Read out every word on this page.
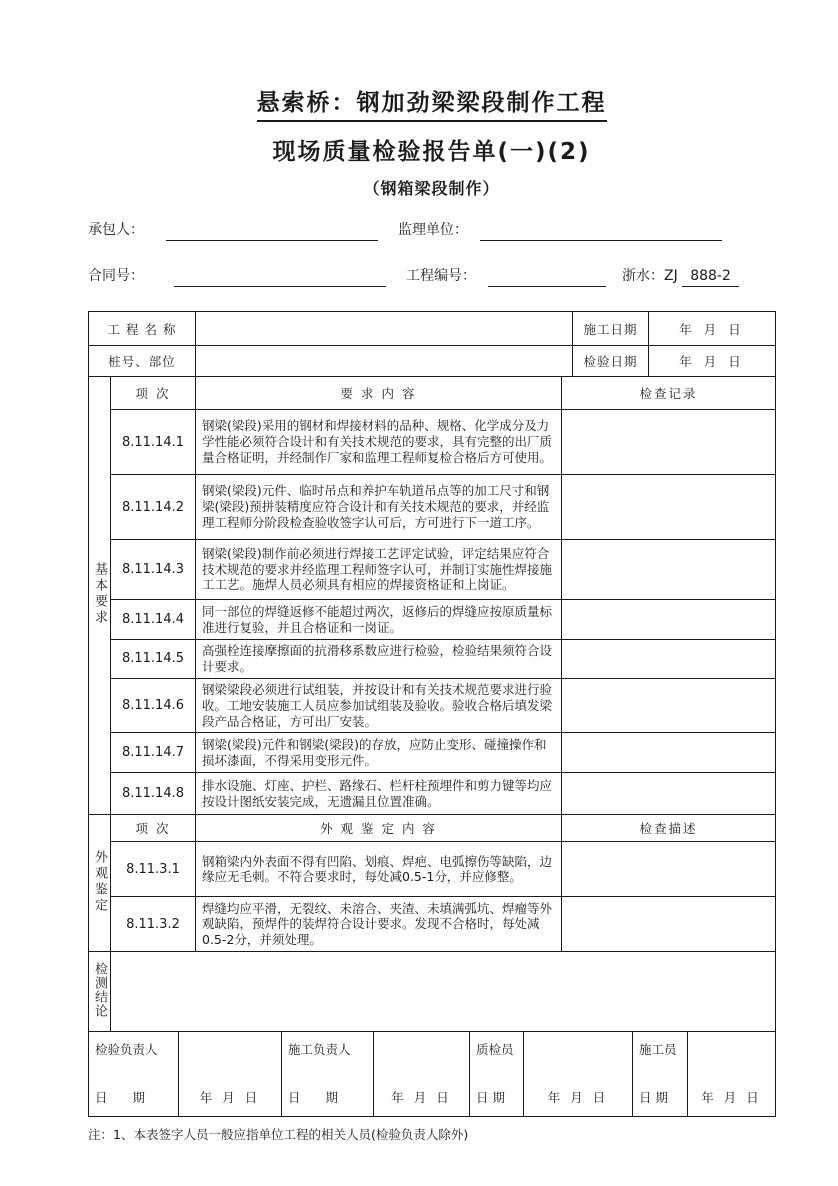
悬索桥：钢加劲梁梁段制作工程
现场质量检验报告单(一)(2)
（钢箱梁段制作）
承包人：	监理单位：
合同号：	工程编号：	浙水：ZJ 888-2
工 程 名 称		施工日期	年 月 日
桩号、部位		检验日期	年 月 日
基本要求	项 次	要 求 内 容	检查记录
	8.11.14.1	钢梁(梁段)采用的钢材和焊接材料的品种、规格、化学成分及力学性能必须符合设计和有关技术规范的要求，具有完整的出厂质量合格证明，并经制作厂家和监理工程师复检合格后方可使用。	
	8.11.14.2	钢梁(梁段)元件、临时吊点和养护车轨道吊点等的加工尺寸和钢梁(梁段)预拼装精度应符合设计和有关技术规范的要求，并经监理工程师分阶段检查验收签字认可后，方可进行下一道工序。	
	8.11.14.3	钢梁(梁段)制作前必须进行焊接工艺评定试验，评定结果应符合技术规范的要求并经监理工程师签字认可，并制订实施性焊接施工工艺。施焊人员必须具有相应的焊接资格证和上岗证。	
	8.11.14.4	同一部位的焊缝返修不能超过两次，返修后的焊缝应按原质量标准进行复验，并且合格证和一岗证。	
	8.11.14.5	高强栓连接摩擦面的抗滑移系数应进行检验，检验结果须符合设计要求。	
	8.11.14.6	钢梁梁段必须进行试组装，并按设计和有关技术规范要求进行验收。工地安装施工人员应参加试组装及验收。验收合格后填发梁段产品合格证，方可出厂安装。	
	8.11.14.7	钢梁(梁段)元件和钢梁(梁段)的存放，应防止变形、碰撞操作和损坏漆面，不得采用变形元件。	
	8.11.14.8	排水设施、灯座、护栏、路缘石、栏杆柱预埋件和剪力键等均应按设计图纸安装完成，无遗漏且位置准确。	
外观鉴定	项 次	外 观 鉴 定 内 容	检查描述
	8.11.3.1	钢箱梁内外表面不得有凹陷、划痕、焊疤、电弧擦伤等缺陷，边缘应无毛刺。不符合要求时，每处减0.5-1分，并应修整。	
	8.11.3.2	焊缝均应平滑，无裂纹、未溶合、夹渣、未填满弧坑、焊瘤等外观缺陷，预焊件的装焊符合设计要求。发现不合格时，每处减0.5-2分，并须处理。	
检测结论	
检验负责人
日　　期	年 月 日

施工负责人
日　　期	年 月 日

质检员
日 期	年 月 日

施工员
日 期	年 月 日
注：1、本表签字人员一般应指单位工程的相关人员(检验负责人除外)
